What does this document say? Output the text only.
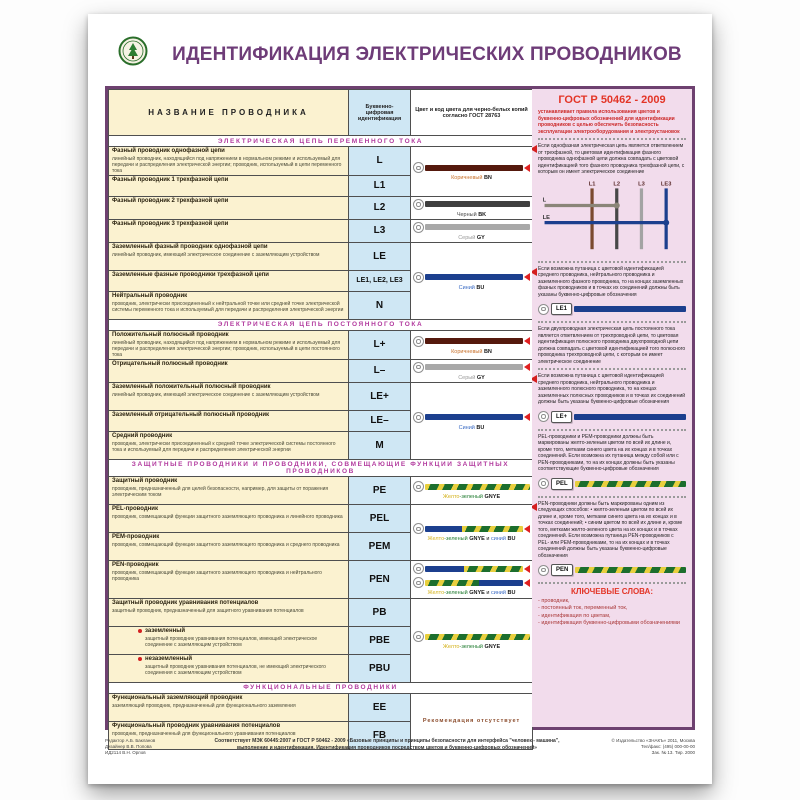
ИДЕНТИФИКАЦИЯ ЭЛЕКТРИЧЕСКИХ ПРОВОДНИКОВ
НАЗВАНИЕ ПРОВОДНИКА	Буквенно-цифровая идентификация	Цвет и код цвета для черно-белых копий согласно ГОСТ 28763
ЭЛЕКТРИЧЕСКАЯ ЦЕПЬ ПЕРЕМЕННОГО ТОКА		

Фазный проводник однофазной цепи
линейный проводник, находящийся под напряжением в нормальном режиме и используемый для передачи и распределения электрической энергии; проводник, используемый в цепи переменного тока	L	Коричневый BN

Фазный проводник 1 трехфазной цепи	L1	

Фазный проводник 2 трехфазной цепи	L2	Черный BK

Фазный проводник 3 трехфазной цепи	L3	Серый GY

Заземленный фазный проводник однофазной цепи
линейный проводник, имеющий электрическое соединение с заземляющим устройством	LE	Синий BU

Заземленные фазные проводники трехфазной цепи	LE1, LE2, LE3	

Нейтральный проводник
проводник, электрически присоединенный к нейтральной точке или средней точке электрической системы переменного тока и используемый для передачи и распределения электрической энергии	N	
ЭЛЕКТРИЧЕСКАЯ ЦЕПЬ ПОСТОЯННОГО ТОКА		

Положительный полюсный проводник
линейный проводник, находящийся под напряжением в нормальном режиме и используемый для передачи и распределения электрической энергии; проводник, используемый в цепи постоянного тока	L+	Коричневый BN

Отрицательный полюсный проводник	L–	Серый GY

Заземленный положительный полюсный проводник
линейный проводник, имеющий электрическое соединение с заземляющим устройством	LE+	Синий BU

Заземленный отрицательный полюсный проводник	LE–	

Средний проводник
проводник, электрически присоединенный к средней точке электрической системы постоянного тока и используемый для передачи и распределения электрической энергии	M	
ЗАЩИТНЫЕ ПРОВОДНИКИ И ПРОВОДНИКИ, СОВМЕЩАЮЩИЕ ФУНКЦИИ ЗАЩИТНЫХ ПРОВОДНИКОВ		

Защитный проводник
проводник, предназначенный для целей безопасности, например, для защиты от поражения электрическим током	PE	Желто-зеленый GNYE

PEL-проводник
проводник, совмещающий функции защитного заземляющего проводника и линейного проводника	PEL	Желто-зеленый GNYE и синий BU

PEM-проводник
проводник, совмещающий функции защитного заземляющего проводника и среднего проводника	PEM	

PEN-проводник
проводник, совмещающий функции защитного заземляющего проводника и нейтрального проводника	PEN	Желто-зеленый GNYE и синий BU

Защитный проводник уравнивания потенциалов
защитный проводник, предназначенный для защитного уравнивания потенциалов	PB	Желто-зеленый GNYE

заземленный
защитный проводник уравнивания потенциалов, имеющий электрическое соединение с заземляющим устройством	PBE	

незаземленный
защитный проводник уравнивания потенциалов, не имеющий электрического соединения с заземляющим устройством	PBU	
ФУНКЦИОНАЛЬНЫЕ ПРОВОДНИКИ		

Функциональный заземляющий проводник
заземляющий проводник, предназначенный для функционального заземления	EE	Рекомендация отсутствует

Функциональный проводник уравнивания потенциалов
проводник, предназначенный для функционального уравнивания потенциалов	FB	
ГОСТ Р 50462 - 2009
устанавливает правила использования цветов и буквенно-цифровых обозначений для идентификации проводников с целью обеспечить безопасность эксплуатации электрооборудования и электроустановок
Если однофазная электрическая цепь является ответвлением от трехфазной, то цветовая идентификация фазного проводника однофазной цепи должна совпадать с цветовой идентификацией того фазного проводника трехфазной цепи, с которым он имеет электрическое соединение
L1	L2	L3	LE3
L
LE
Если возможна путаница с цветовой идентификацией среднего проводника, нейтрального проводника и заземленного фазного проводника, то на концах заземленных фазных проводников и в точках их соединений должны быть указаны буквенно-цифровые обозначения
LE1
Если двухпроводная электрическая цепь постоянного тока является ответвлением от трехпроводной цепи, то цветовая идентификация полюсного проводника двухпроводной цепи должна совпадать с цветовой идентификацией того полюсного проводника трехпроводной цепи, с которым он имеет электрическое соединение
Если возможна путаница с цветовой идентификацией среднего проводника, нейтрального проводника и заземленного полюсного проводника, то на концах заземленных полюсных проводников и в точках их соединений должны быть указаны буквенно-цифровые обозначения
LE+
PEL-проводники и PEM-проводники должны быть маркированы желто-зеленым цветом по всей их длине и, кроме того, метками синего цвета на их концах и в точках соединений. Если возможна их путаница между собой или с PEN-проводниками, то на их концах должны быть указаны соответствующие буквенно-цифровые обозначения
PEL
PEN-проводники должны быть маркированы одним из следующих способов: • желто-зеленым цветом по всей их длине и, кроме того, метками синего цвета на их концах и в точках соединений; • синим цветом по всей их длине и, кроме того, метками желто-зеленого цвета на их концах и в точках соединений. Если возможна путаница PEN-проводников с PEL- или PEM-проводниками, то на их концах и в точках соединений должны быть указаны буквенно-цифровые обозначения
PEN
КЛЮЧЕВЫЕ СЛОВА:
- проводник,
- постоянный ток, переменный ток,
- идентификация по цветам,
- идентификация буквенно-цифровыми обозначениями
Редактор А.Б. Бакланов
Дизайнер В.В. Попова
ИД2114 В.Н. Орлов
Соответствует МЭК 60445:2007 и ГОСТ Р 50462 - 2009 «Базовые принципы и принципы безопасности для интерфейса "человек - машина", выполнение и идентификация. Идентификация проводников посредством цветов и буквенно-цифровых обозначений»
© Издательство «ЗНАКЪ» 2011, Москва
Тел/факс: (495) 000-00-00
Зак. № 13. Тир. 2000
